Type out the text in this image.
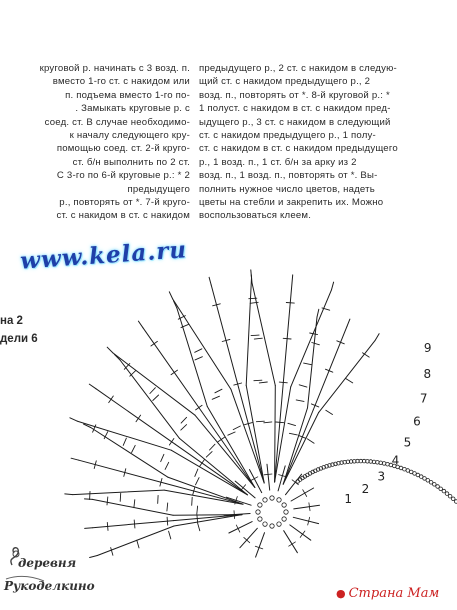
круговой р. начинать с 3 возд. п.
вместо 1-го ст. с накидом или
п. подъема вместо 1-го по-
. Замыкать круговые р. с
соед. ст. В случае необходимо-
к началу следующего кру-
помощью соед. ст. 2-й круго-
ст. б/н выполнить по 2 ст.
С 3-го по 6-й круговые р.: * 2
предыдущего
р., повторять от *. 7-й круго-
ст. с накидом в ст. с накидом
предыдущего р., 2 ст. с накидом в следую-
щий ст. с накидом предыдущего р., 2
возд. п., повторять от *. 8-й круговой р.: *
1 полуст. с накидом в ст. с накидом пред-
ыдущего р., 3 ст. с накидом в следующий
ст. с накидом предыдущего р., 1 полу-
ст. с накидом в ст. с накидом предыдущего
р., 1 возд. п., 1 ст. б/н за арку из 2
возд. п., 1 возд. п., повторять от *. Вы-
полнить нужное число цветов, надеть
цветы на стебли и закрепить их. Можно
воспользоваться клеем.
www.kela.ru
на 2
дели 6
9
8
7
6
5
4
3
2
1
деревня
Рукоделкино
● Страна Мам
